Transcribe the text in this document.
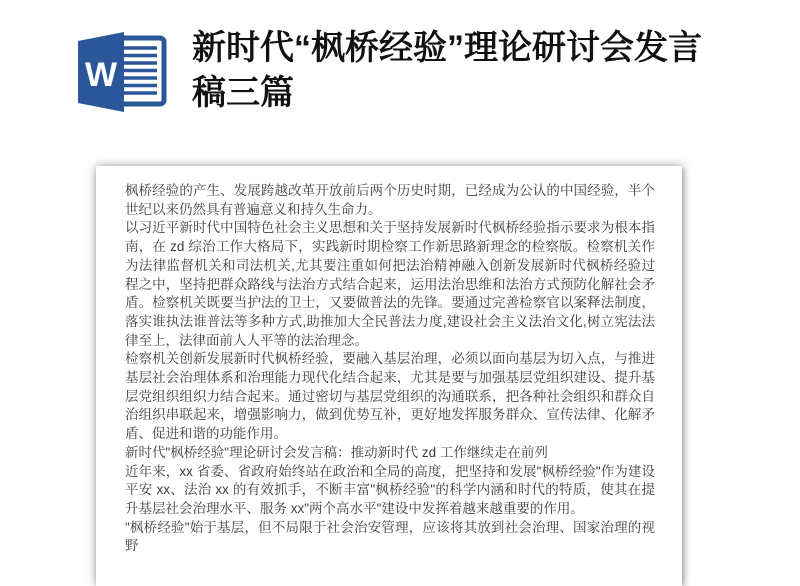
W
新时代“枫桥经验”理论研讨会发言稿三篇

枫桥经验的产生、发展跨越改革开放前后两个历史时期，已经成为公认的中国经验，半个世纪以来仍然具有普遍意义和持久生命力。

以习近平新时代中国特色社会主义思想和关于坚持发展新时代枫桥经验指示要求为根本指南，在 zd 综治工作大格局下，实践新时期检察工作新思路新理念的检察版。检察机关作为法律监督机关和司法机关,尤其要注重如何把法治精神融入创新发展新时代枫桥经验过程之中，坚持把群众路线与法治方式结合起来，运用法治思维和法治方式预防化解社会矛盾。检察机关既要当护法的卫士，又要做普法的先锋。要通过完善检察官以案释法制度，落实谁执法谁普法等多种方式,助推加大全民普法力度,建设社会主义法治文化,树立宪法法律至上，法律面前人人平等的法治理念。

检察机关创新发展新时代枫桥经验，要融入基层治理，必须以面向基层为切入点，与推进基层社会治理体系和治理能力现代化结合起来，尤其是要与加强基层党组织建设、提升基层党组织组织力结合起来。通过密切与基层党组织的沟通联系，把各种社会组织和群众自治组织串联起来，增强影响力，做到优势互补，更好地发挥服务群众、宣传法律、化解矛盾、促进和谐的功能作用。

新时代"枫桥经验"理论研讨会发言稿：推动新时代 zd 工作继续走在前列

近年来，xx 省委、省政府始终站在政治和全局的高度，把坚持和发展"枫桥经验"作为建设平安 xx、法治 xx 的有效抓手，不断丰富"枫桥经验"的科学内涵和时代的特质，使其在提升基层社会治理水平、服务 xx"两个高水平"建设中发挥着越来越重要的作用。

"枫桥经验"始于基层，但不局限于社会治安管理，应该将其放到社会治理、国家治理的视野
